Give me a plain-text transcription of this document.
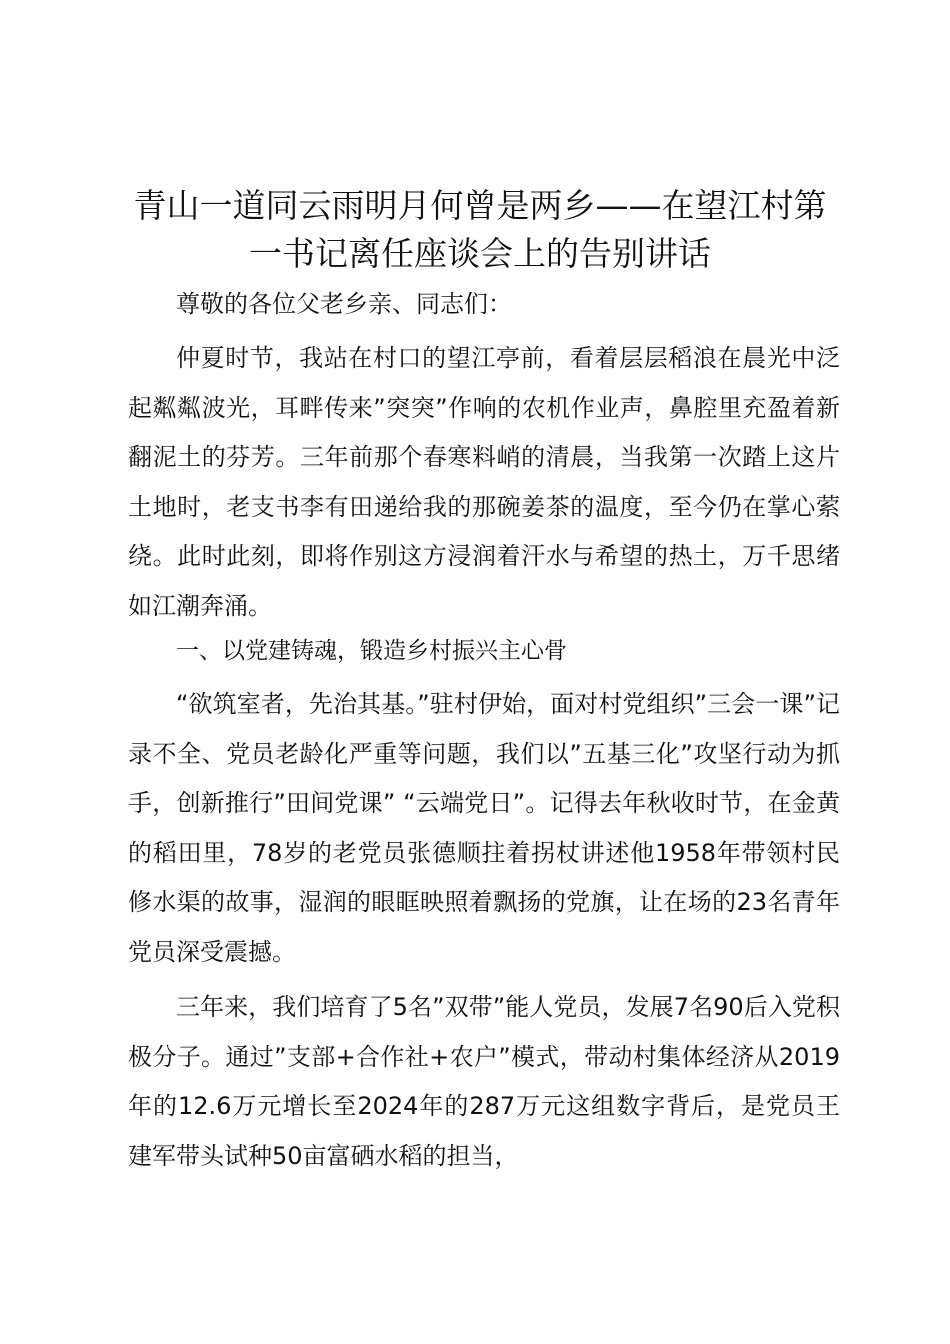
青山一道同云雨明月何曾是两乡——在望江村第一书记离任座谈会上的告别讲话

尊敬的各位父老乡亲、同志们：

仲夏时节，我站在村口的望江亭前，看着层层稻浪在晨光中泛起粼粼波光，耳畔传来”突突”作响的农机作业声，鼻腔里充盈着新翻泥土的芬芳。三年前那个春寒料峭的清晨，当我第一次踏上这片土地时，老支书李有田递给我的那碗姜茶的温度，至今仍在掌心萦绕。此时此刻，即将作别这方浸润着汗水与希望的热土，万千思绪如江潮奔涌。

一、以党建铸魂，锻造乡村振兴主心骨

“欲筑室者，先治其基。”驻村伊始，面对村党组织”三会一课”记录不全、党员老龄化严重等问题，我们以”五基三化”攻坚行动为抓手，创新推行”田间党课” “云端党日”。记得去年秋收时节，在金黄的稻田里，78岁的老党员张德顺拄着拐杖讲述他1958年带领村民修水渠的故事，湿润的眼眶映照着飘扬的党旗，让在场的23名青年党员深受震撼。

三年来，我们培育了5名”双带”能人党员，发展7名90后入党积极分子。通过”支部+合作社+农户”模式，带动村集体经济从2019年的12.6万元增长至2024年的287万元这组数字背后，是党员王建军带头试种50亩富硒水稻的担当，
